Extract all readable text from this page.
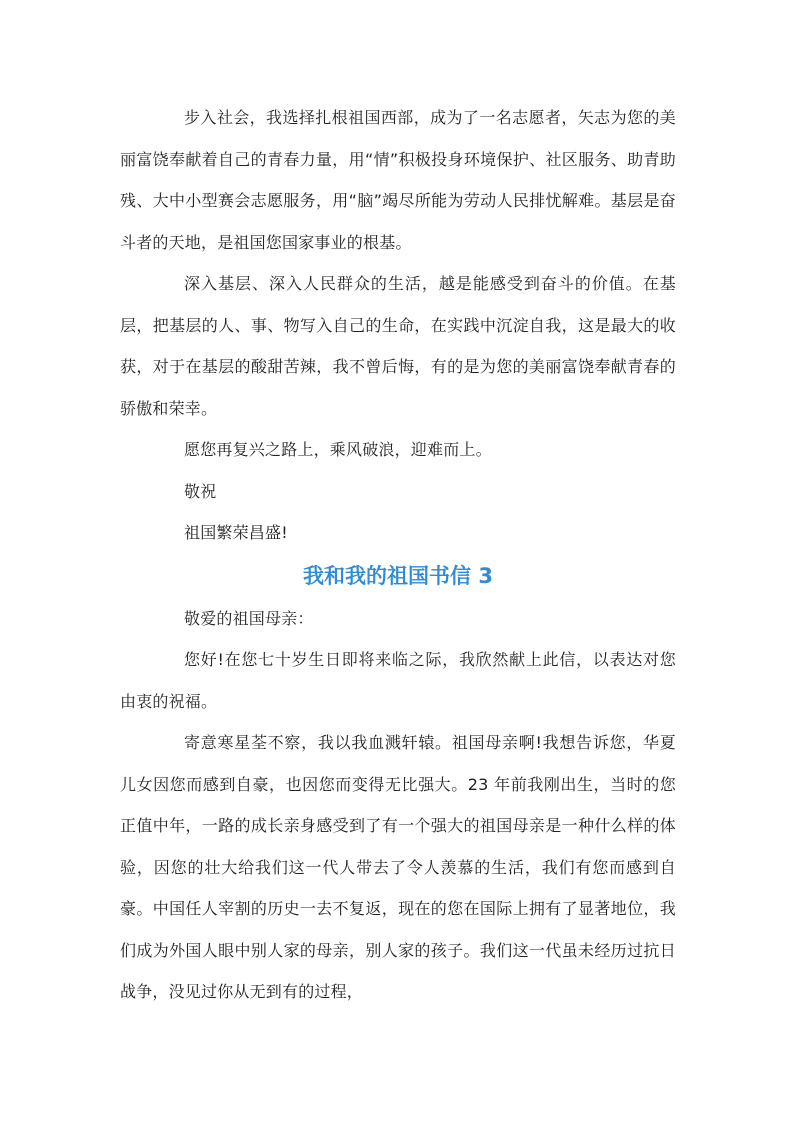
步入社会，我选择扎根祖国西部，成为了一名志愿者，矢志为您的美丽富饶奉献着自己的青春力量，用“情”积极投身环境保护、社区服务、助青助残、大中小型赛会志愿服务，用“脑”竭尽所能为劳动人民排忧解难。基层是奋斗者的天地，是祖国您国家事业的根基。

深入基层、深入人民群众的生活，越是能感受到奋斗的价值。在基层，把基层的人、事、物写入自己的生命，在实践中沉淀自我，这是最大的收获，对于在基层的酸甜苦辣，我不曾后悔，有的是为您的美丽富饶奉献青春的骄傲和荣幸。

愿您再复兴之路上，乘风破浪，迎难而上。

敬祝

祖国繁荣昌盛!

我和我的祖国书信 3

敬爱的祖国母亲：

您好!在您七十岁生日即将来临之际，我欣然献上此信，以表达对您由衷的祝福。

寄意寒星荃不察，我以我血溅轩辕。祖国母亲啊!我想告诉您，华夏儿女因您而感到自豪，也因您而变得无比强大。23 年前我刚出生，当时的您正值中年，一路的成长亲身感受到了有一个强大的祖国母亲是一种什么样的体验，因您的壮大给我们这一代人带去了令人羡慕的生活，我们有您而感到自豪。中国任人宰割的历史一去不复返，现在的您在国际上拥有了显著地位，我们成为外国人眼中别人家的母亲，别人家的孩子。我们这一代虽未经历过抗日战争，没见过你从无到有的过程，
